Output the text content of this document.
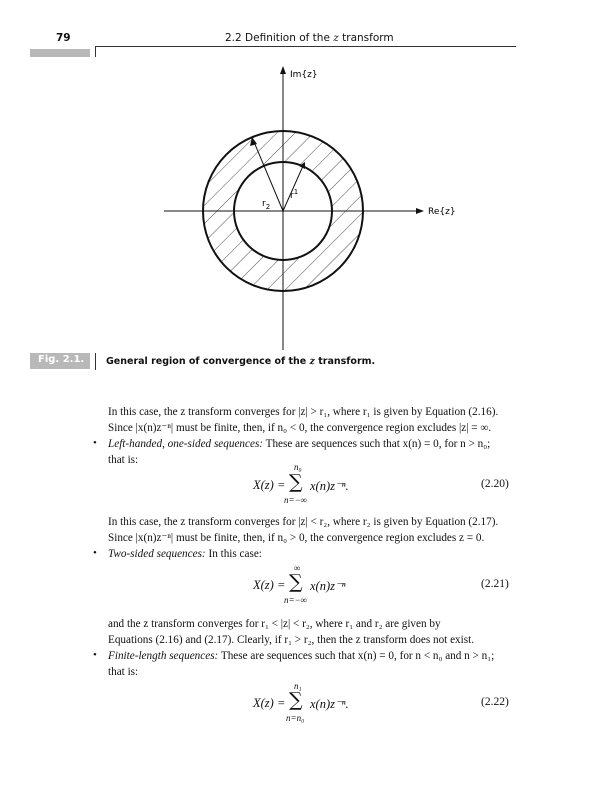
79	2.2 Definition of the z transform
Im{z}
Re{z}
$r^1$
$r_2$
Fig. 2.1. General region of convergence of the z transform.
In this case, the z transform converges for |z| > r₁, where r₁ is given by Equation (2.16).
Since |x(n)z⁻ⁿ| must be finite, then, if n₀ < 0, the convergence region excludes |z| = ∞.
• Left-handed, one-sided sequences: These are sequences such that x(n) = 0, for n > n₀;
that is:
X(z) =
n₀
∑
n=−∞
x(n)z⁻ⁿ.	(2.20)
In this case, the z transform converges for |z| < r₂, where r₂ is given by Equation (2.17).
Since |x(n)z⁻ⁿ| must be finite, then, if n₀ > 0, the convergence region excludes z = 0.
• Two-sided sequences: In this case:
X(z) =
∞
∑
n=−∞
x(n)z⁻ⁿ	(2.21)
and the z transform converges for r₁ < |z| < r₂, where r₁ and r₂ are given by
Equations (2.16) and (2.17). Clearly, if r₁ > r₂, then the z transform does not exist.
• Finite-length sequences: These are sequences such that x(n) = 0, for n < n₀ and n > n₁;
that is:
X(z) =
n₁
∑
n=n₀
x(n)z⁻ⁿ.	(2.22)
